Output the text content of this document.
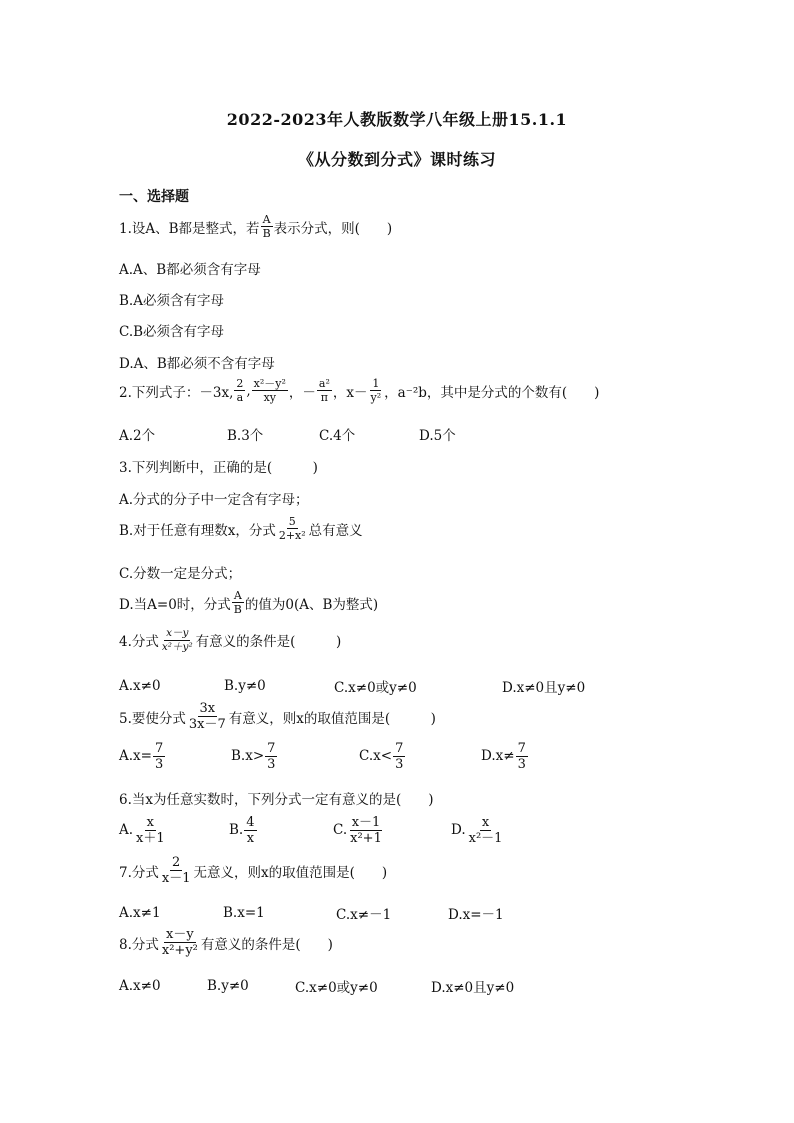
2022-2023年人教版数学八年级上册15.1.1
《从分数到分式》课时练习
一、选择题
1.设A、B都是整式，若 $\frac{A}{B}$ 表示分式，则(　　)
A.A、B都必须含有字母
B.A必须含有字母
C.B必须含有字母
D.A、B都必须不含有字母
2.下列式子：－3x, $\frac{2}{a}$ , $\frac{\text{x²－y²}}{xy}$ ，－ $\frac{\text{a²}}{\pi}$ ，$x- \frac{1}{\text{y²}}$ ，a⁻²b，其中是分式的个数有(　　)
A.2个	B.3个	C.4个	D.5个
3.下列判断中，正确的是(　　　)
A.分式的分子中一定含有字母；
B.对于任意有理数x，分式 $\frac{5}{\text{2+x²}}$ 总有意义
C.分数一定是分式；
D.当A=0时，分式 $\frac{A}{B}$ 的值为0(A、B为整式)
4.分式 $\frac{x-y}{\text{x²＋y²}}$ 有意义的条件是(　　　)
A.x≠0	B.y≠0	C.x≠0或y≠0	D.x≠0且y≠0
5.要使分式 $\frac{3x}{3x-7}$ 有意义，则x的取值范围是(　　　)
$A.x= \frac{7}{3}$	$B.x> \frac{7}{3}$	$C.x< \frac{7}{3}$	$D.x\ne \frac{7}{3}$
6.当x为任意实数时，下列分式一定有意义的是(　　)
A. $\frac{x}{x+1}$	B. $\frac{4}{x}$	C. $\frac{x-1}{\text{x²+1}}$	D. $\frac{x}{\text{x²－1}}$
7.分式 $\frac{2}{x-1}$ 无意义，则x的取值范围是(　　)
A.x≠1	B.x=1	C.x≠－1	D.x=－1
8.分式 $\frac{x-y}{\text{x²+y²}}$ 有意义的条件是(　　)
A.x≠0	B.y≠0	C.x≠0或y≠0	D.x≠0且y≠0
